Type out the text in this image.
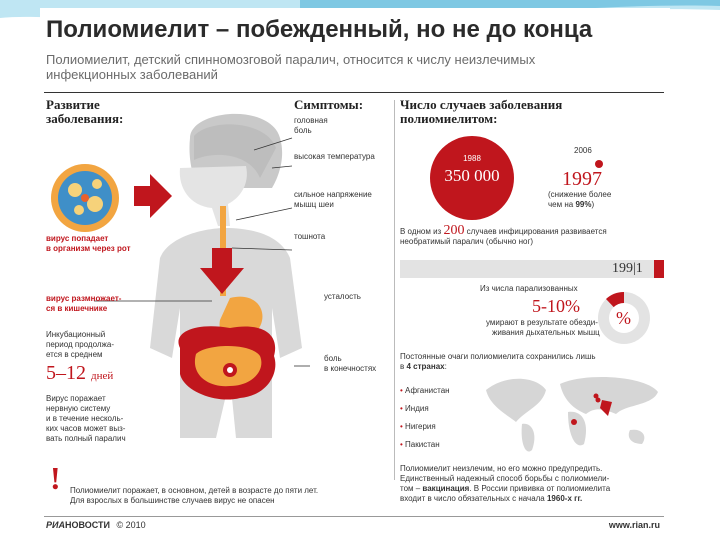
Полиомиелит – побежденный, но не до конца
Полиомиелит, детский спинномозговой паралич, относится к числу неизлечимых инфекционных заболеваний
Развитие
заболевания:
Симптомы:	Число случаев заболевания
полиомиелитом:
вирус попадает
в организм через рот
вирус размножает-
ся в кишечнике
Инкубационный
период продолжа-
ется в среднем
5–12 дней
Вирус поражает
нервную систему
и в течение несколь-
ких часов может выз-
вать полный паралич
головная
боль
высокая температура
сильное напряжение
мышц шеи
тошнота
усталость
боль
в конечностях
1988
350 000
2006
1997
(снижение более
чем на 99%)
В одном из 200 случаев инфицирования развивается
необратимый паралич (обычно ног)
199|1
Из числа парализованных
5-10%
умирают в результате обезди-
живания дыхательных мышц
%
Постоянные очаги полиомиелита сохранились лишь
в 4 странах:
• Афганистан
• Индия
• Нигерия
• Пакистан
Полиомиелит неизлечим, но его можно предупредить.
Единственный надежный способ борьбы с полиомиели-
том – вакцинация. В России прививка от полиомиелита
входит в число обязательных с начала 1960-х гг.
! Полиомиелит поражает, в основном, детей в возрасте до пяти лет.
Для взрослых в большинстве случаев вирус не опасен
РИАНОВОСТИ © 2010	www.rian.ru
